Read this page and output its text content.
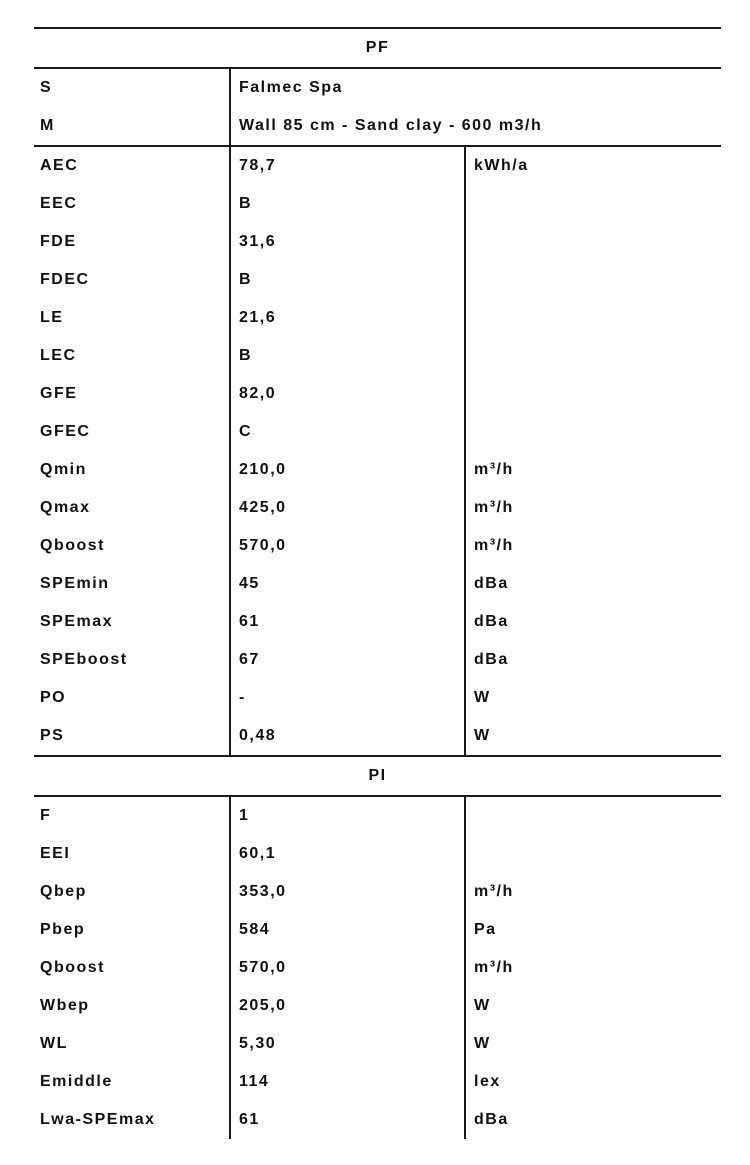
PF
S	Falmec Spa
M	Wall 85 cm - Sand clay - 600 m3/h
AEC	78,7	kWh/a
EEC	B
FDE	31,6
FDEC	B
LE	21,6
LEC	B
GFE	82,0
GFEC	C
Qmin	210,0	m³/h
Qmax	425,0	m³/h
Qboost	570,0	m³/h
SPEmin	45	dBa
SPEmax	61	dBa
SPEboost	67	dBa
PO	-	W
PS	0,48	W
PI
F	1
EEI	60,1
Qbep	353,0	m³/h
Pbep	584	Pa
Qboost	570,0	m³/h
Wbep	205,0	W
WL	5,30	W
Emiddle	114	lex
Lwa-SPEmax	61	dBa
